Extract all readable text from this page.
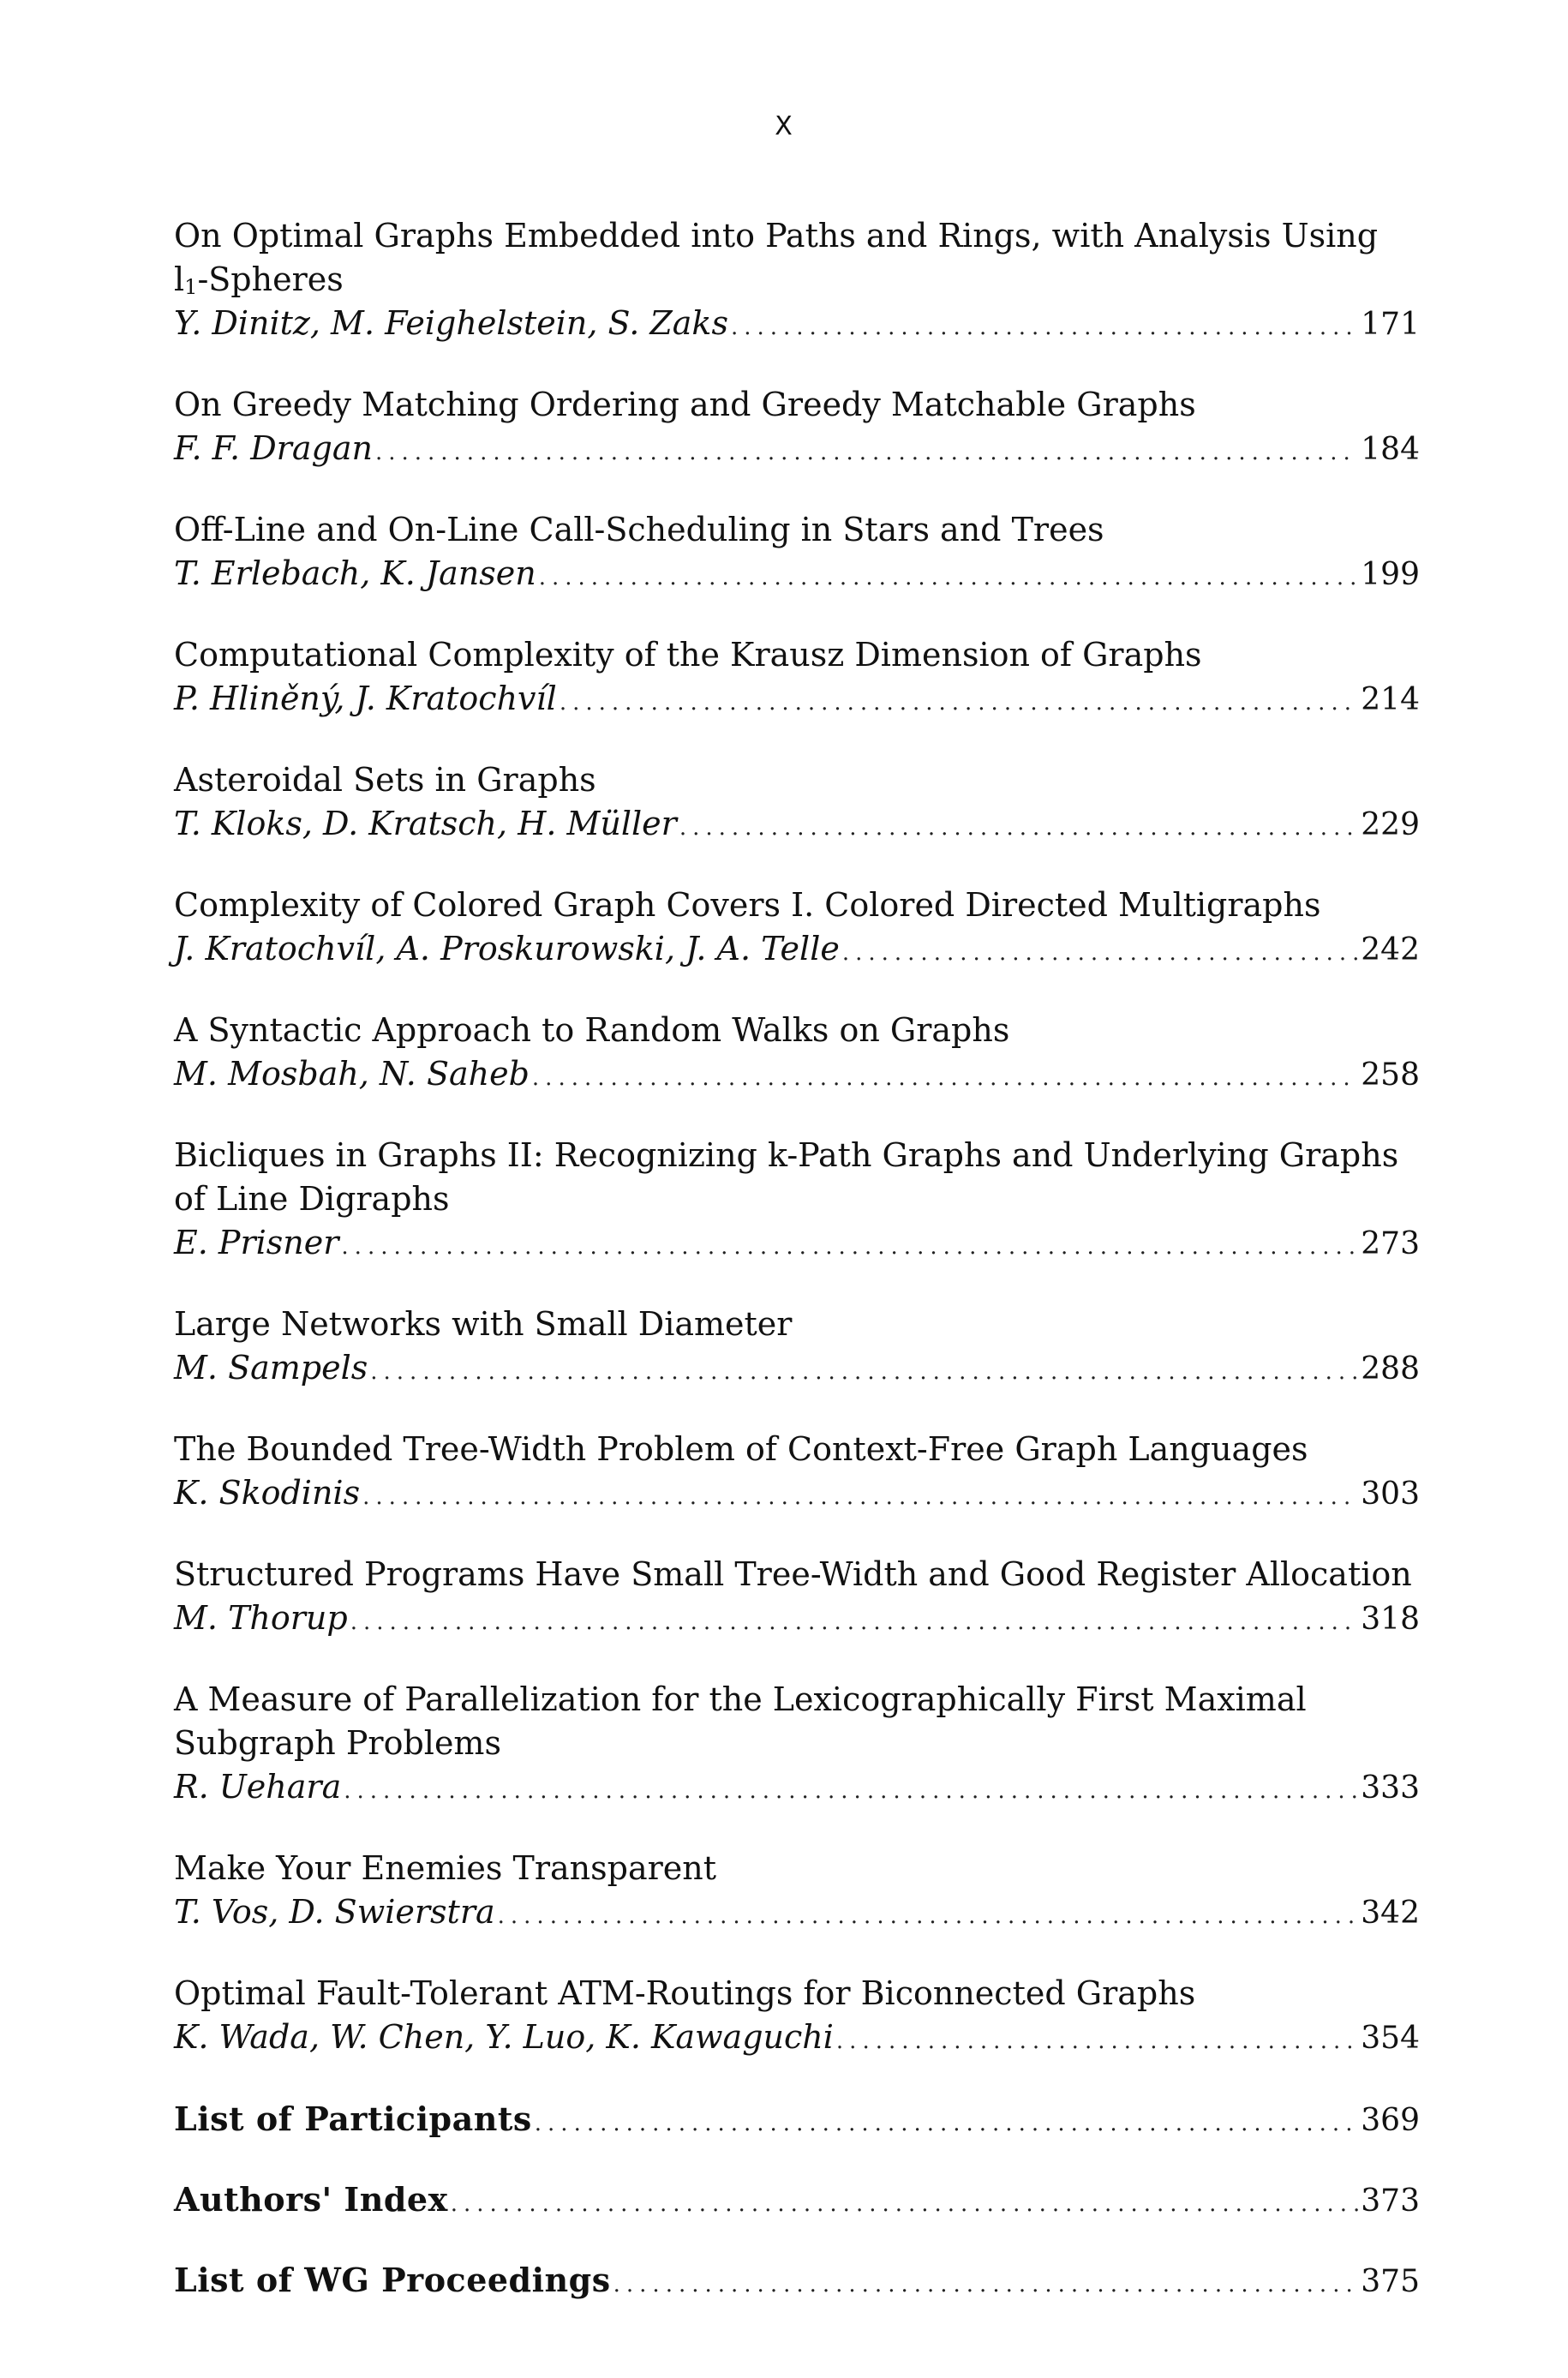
X
On Optimal Graphs Embedded into Paths and Rings, with Analysis Using
$l_1$-Spheres
Y. Dinitz, M. Feighelstein, S. Zaks .....	171
On Greedy Matching Ordering and Greedy Matchable Graphs
F. F. Dragan .....	184
Off-Line and On-Line Call-Scheduling in Stars and Trees
T. Erlebach, K. Jansen .....	199
Computational Complexity of the Krausz Dimension of Graphs
P. Hliněný, J. Kratochvíl .....	214
Asteroidal Sets in Graphs
T. Kloks, D. Kratsch, H. Müller .....	229
Complexity of Colored Graph Covers I. Colored Directed Multigraphs
J. Kratochvíl, A. Proskurowski, J. A. Telle .....	242
A Syntactic Approach to Random Walks on Graphs
M. Mosbah, N. Saheb .....	258
Bicliques in Graphs II: Recognizing k-Path Graphs and Underlying Graphs of Line Digraphs
E. Prisner .....	273
Large Networks with Small Diameter
M. Sampels .....	288
The Bounded Tree-Width Problem of Context-Free Graph Languages
K. Skodinis .....	303
Structured Programs Have Small Tree-Width and Good Register Allocation
M. Thorup .....	318
A Measure of Parallelization for the Lexicographically First Maximal Subgraph Problems
R. Uehara .....	333
Make Your Enemies Transparent
T. Vos, D. Swierstra .....	342
Optimal Fault-Tolerant ATM-Routings for Biconnected Graphs
K. Wada, W. Chen, Y. Luo, K. Kawaguchi .....	354
List of Participants .....	369
Authors' Index .....	373
List of WG Proceedings .....	375
